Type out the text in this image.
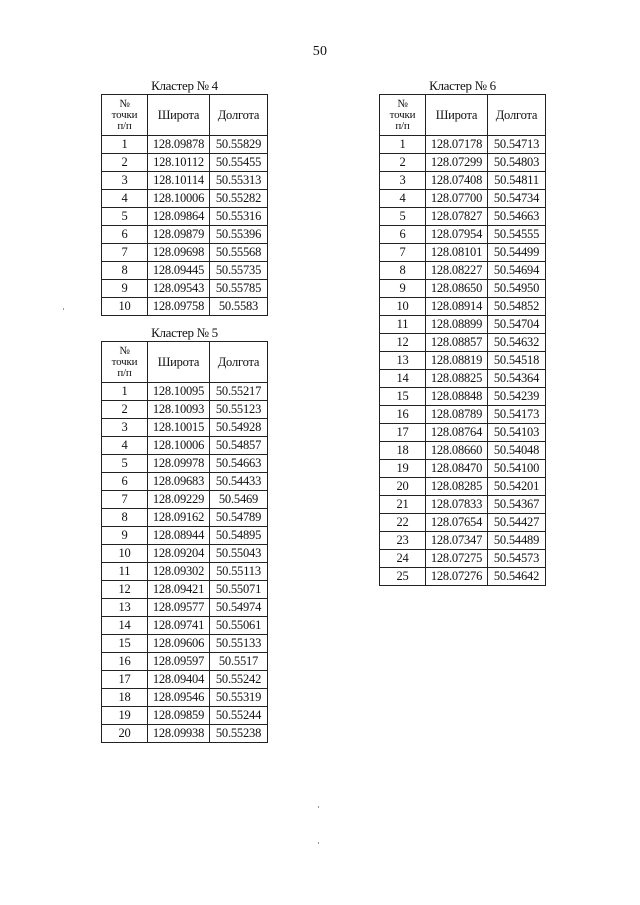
50
Кластер № 4
№
точки
п/п	Широта	Долгота
1	128.09878	50.55829
2	128.10112	50.55455
3	128.10114	50.55313
4	128.10006	50.55282
5	128.09864	50.55316
6	128.09879	50.55396
7	128.09698	50.55568
8	128.09445	50.55735
9	128.09543	50.55785
10	128.09758	50.5583
Кластер № 5
№
точки
п/п	Широта	Долгота
1	128.10095	50.55217
2	128.10093	50.55123
3	128.10015	50.54928
4	128.10006	50.54857
5	128.09978	50.54663
6	128.09683	50.54433
7	128.09229	50.5469
8	128.09162	50.54789
9	128.08944	50.54895
10	128.09204	50.55043
11	128.09302	50.55113
12	128.09421	50.55071
13	128.09577	50.54974
14	128.09741	50.55061
15	128.09606	50.55133
16	128.09597	50.5517
17	128.09404	50.55242
18	128.09546	50.55319
19	128.09859	50.55244
20	128.09938	50.55238
Кластер № 6
№
точки
п/п	Широта	Долгота
1	128.07178	50.54713
2	128.07299	50.54803
3	128.07408	50.54811
4	128.07700	50.54734
5	128.07827	50.54663
6	128.07954	50.54555
7	128.08101	50.54499
8	128.08227	50.54694
9	128.08650	50.54950
10	128.08914	50.54852
11	128.08899	50.54704
12	128.08857	50.54632
13	128.08819	50.54518
14	128.08825	50.54364
15	128.08848	50.54239
16	128.08789	50.54173
17	128.08764	50.54103
18	128.08660	50.54048
19	128.08470	50.54100
20	128.08285	50.54201
21	128.07833	50.54367
22	128.07654	50.54427
23	128.07347	50.54489
24	128.07275	50.54573
25	128.07276	50.54642
